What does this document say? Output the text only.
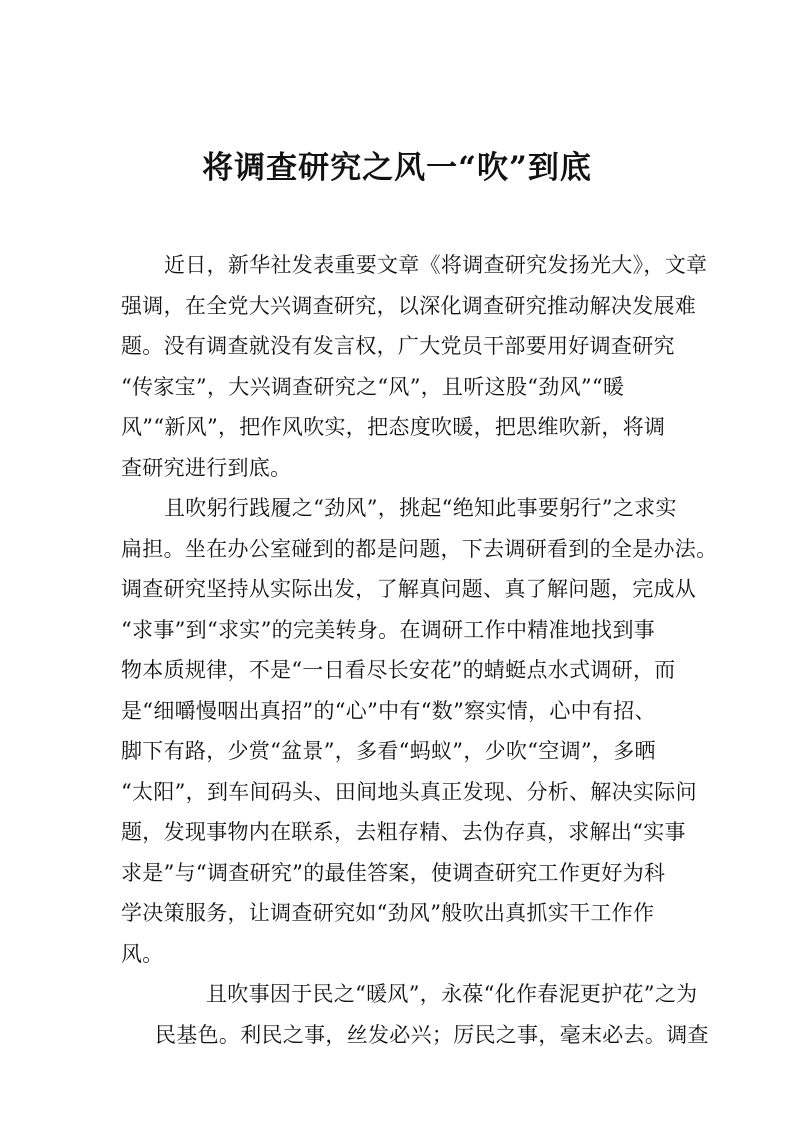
将调查研究之风一“吹”到底
近日，新华社发表重要文章《将调查研究发扬光大》，文章
强调，在全党大兴调查研究，以深化调查研究推动解决发展难
题。没有调查就没有发言权，广大党员干部要用好调查研究
“传家宝”，大兴调查研究之“风”，且听这股“劲风”“暖
风”“新风”，把作风吹实，把态度吹暖，把思维吹新，将调
查研究进行到底。
且吹躬行践履之“劲风”，挑起“绝知此事要躬行”之求实
扁担。坐在办公室碰到的都是问题，下去调研看到的全是办法。
调查研究坚持从实际出发，了解真问题、真了解问题，完成从
“求事”到“求实”的完美转身。在调研工作中精准地找到事
物本质规律，不是“一日看尽长安花”的蜻蜓点水式调研，而
是“细嚼慢咽出真招”的“心”中有“数”察实情，心中有招、
脚下有路，少赏“盆景”，多看“蚂蚁”，少吹“空调”，多晒
“太阳”，到车间码头、田间地头真正发现、分析、解决实际问
题，发现事物内在联系，去粗存精、去伪存真，求解出“实事
求是”与“调查研究”的最佳答案，使调查研究工作更好为科
学决策服务，让调查研究如“劲风”般吹出真抓实干工作作
风。
且吹事因于民之“暖风”，永葆“化作春泥更护花”之为
民基色。利民之事，丝发必兴；厉民之事，毫末必去。调查
